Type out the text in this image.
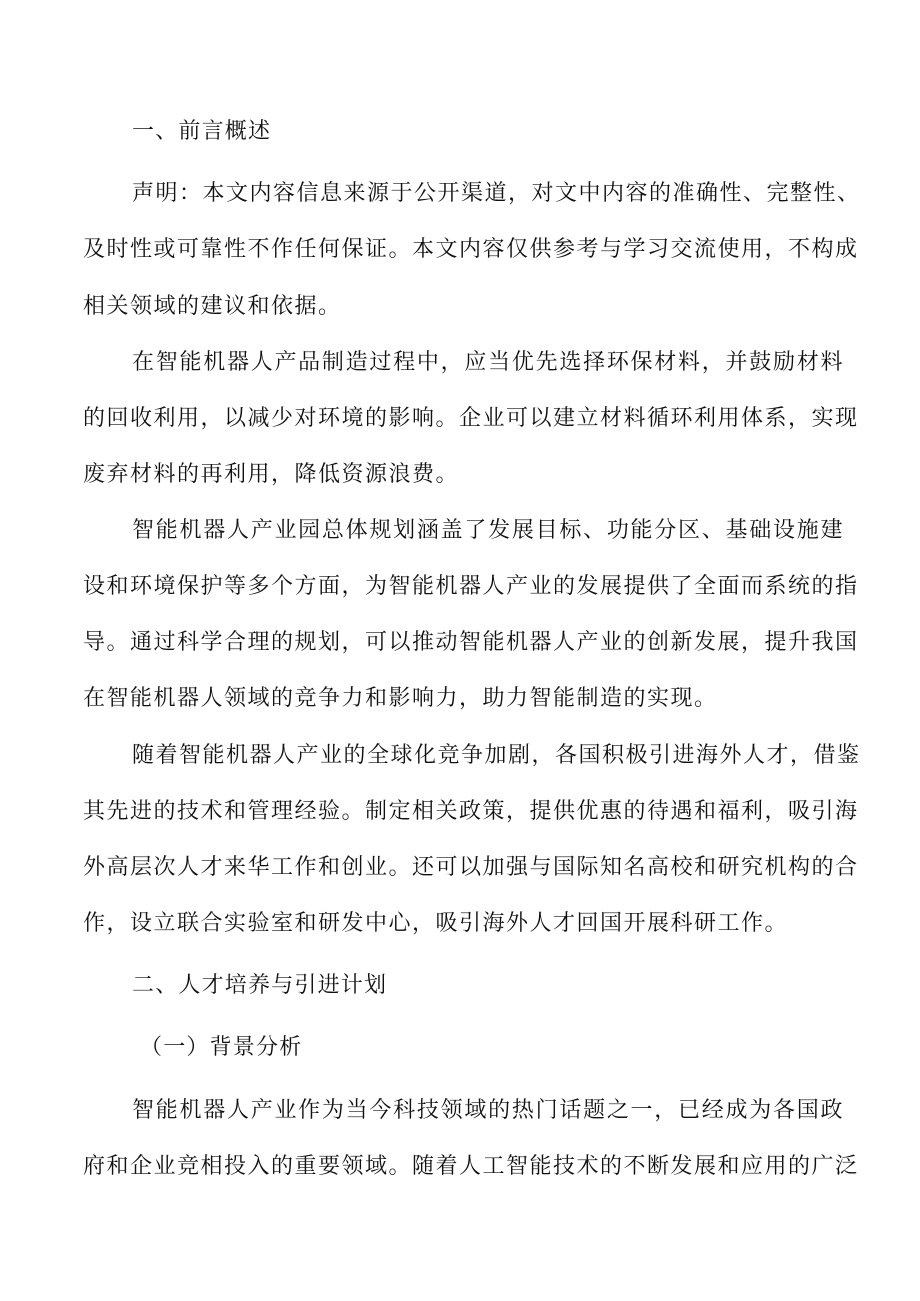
一、前言概述
声明：本文内容信息来源于公开渠道，对文中内容的准确性、完整性、
及时性或可靠性不作任何保证。本文内容仅供参考与学习交流使用，不构成
相关领域的建议和依据。
在智能机器人产品制造过程中，应当优先选择环保材料，并鼓励材料
的回收利用，以减少对环境的影响。企业可以建立材料循环利用体系，实现
废弃材料的再利用，降低资源浪费。
智能机器人产业园总体规划涵盖了发展目标、功能分区、基础设施建
设和环境保护等多个方面，为智能机器人产业的发展提供了全面而系统的指
导。通过科学合理的规划，可以推动智能机器人产业的创新发展，提升我国
在智能机器人领域的竞争力和影响力，助力智能制造的实现。
随着智能机器人产业的全球化竞争加剧，各国积极引进海外人才，借鉴
其先进的技术和管理经验。制定相关政策，提供优惠的待遇和福利，吸引海
外高层次人才来华工作和创业。还可以加强与国际知名高校和研究机构的合
作，设立联合实验室和研发中心，吸引海外人才回国开展科研工作。
二、人才培养与引进计划
（一）背景分析
智能机器人产业作为当今科技领域的热门话题之一，已经成为各国政
府和企业竞相投入的重要领域。随着人工智能技术的不断发展和应用的广泛
